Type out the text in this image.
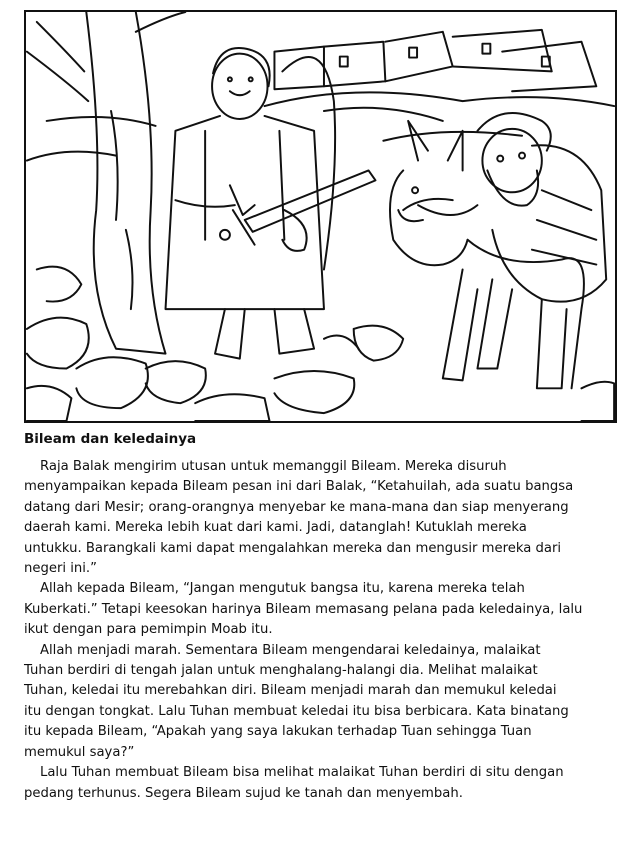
Bileam dan keledainya

Raja Balak mengirim utusan untuk memanggil Bileam. Mereka disuruh
menyampaikan kepada Bileam pesan ini dari Balak, “Ketahuilah, ada suatu bangsa
datang dari Mesir; orang-orangnya menyebar ke mana-mana dan siap menyerang
daerah kami. Mereka lebih kuat dari kami. Jadi, datanglah! Kutuklah mereka
untukku. Barangkali kami dapat mengalahkan mereka dan mengusir mereka dari
negeri ini.”

Allah kepada Bileam, “Jangan mengutuk bangsa itu, karena mereka telah
Kuberkati.” Tetapi keesokan harinya Bileam memasang pelana pada keledainya, lalu
ikut dengan para pemimpin Moab itu.

Allah menjadi marah. Sementara Bileam mengendarai keledainya, malaikat
Tuhan berdiri di tengah jalan untuk menghalang-halangi dia. Melihat malaikat
Tuhan, keledai itu merebahkan diri. Bileam menjadi marah dan memukul keledai
itu dengan tongkat. Lalu Tuhan membuat keledai itu bisa berbicara. Kata binatang
itu kepada Bileam, “Apakah yang saya lakukan terhadap Tuan sehingga Tuan
memukul saya?”

Lalu Tuhan membuat Bileam bisa melihat malaikat Tuhan berdiri di situ dengan
pedang terhunus. Segera Bileam sujud ke tanah dan menyembah.
